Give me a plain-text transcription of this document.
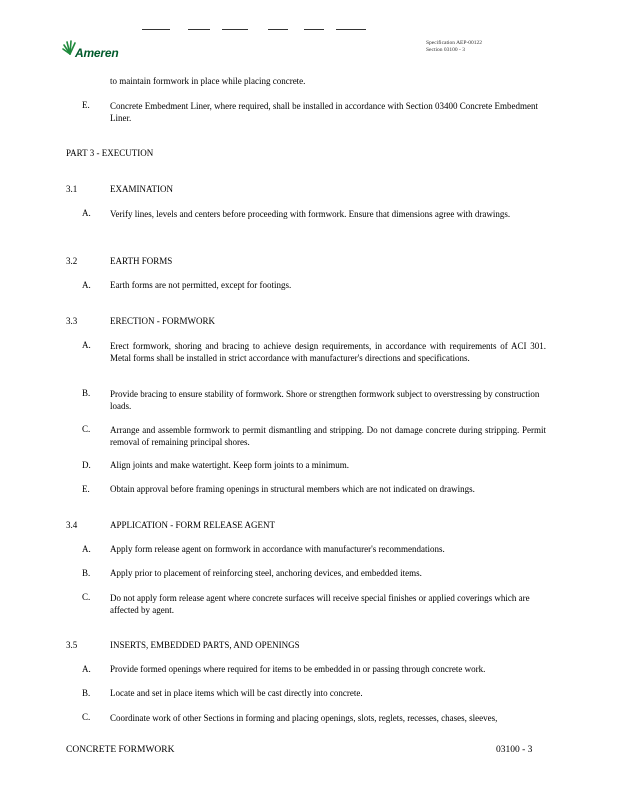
Ameren
Specification AEP-00122
Section 03100 - 3
to maintain formwork in place while placing concrete.
E. Concrete Embedment Liner, where required, shall be installed in accordance with Section 03400 Concrete Embedment Liner.
PART 3 - EXECUTION
3.1	EXAMINATION
A. Verify lines, levels and centers before proceeding with formwork. Ensure that dimensions agree with drawings.
3.2	EARTH FORMS
A. Earth forms are not permitted, except for footings.
3.3	ERECTION - FORMWORK
A. Erect formwork, shoring and bracing to achieve design requirements, in accordance with requirements of ACI 301. Metal forms shall be installed in strict accordance with manufacturer's directions and specifications.
B. Provide bracing to ensure stability of formwork. Shore or strengthen formwork subject to overstressing by construction loads.
C. Arrange and assemble formwork to permit dismantling and stripping. Do not damage concrete during stripping. Permit removal of remaining principal shores.
D. Align joints and make watertight. Keep form joints to a minimum.
E. Obtain approval before framing openings in structural members which are not indicated on drawings.
3.4	APPLICATION - FORM RELEASE AGENT
A. Apply form release agent on formwork in accordance with manufacturer's recommendations.
B. Apply prior to placement of reinforcing steel, anchoring devices, and embedded items.
C. Do not apply form release agent where concrete surfaces will receive special finishes or applied coverings which are affected by agent.
3.5	INSERTS, EMBEDDED PARTS, AND OPENINGS
A. Provide formed openings where required for items to be embedded in or passing through concrete work.
B. Locate and set in place items which will be cast directly into concrete.
C. Coordinate work of other Sections in forming and placing openings, slots, reglets, recesses, chases, sleeves,
CONCRETE FORMWORK	03100 - 3
